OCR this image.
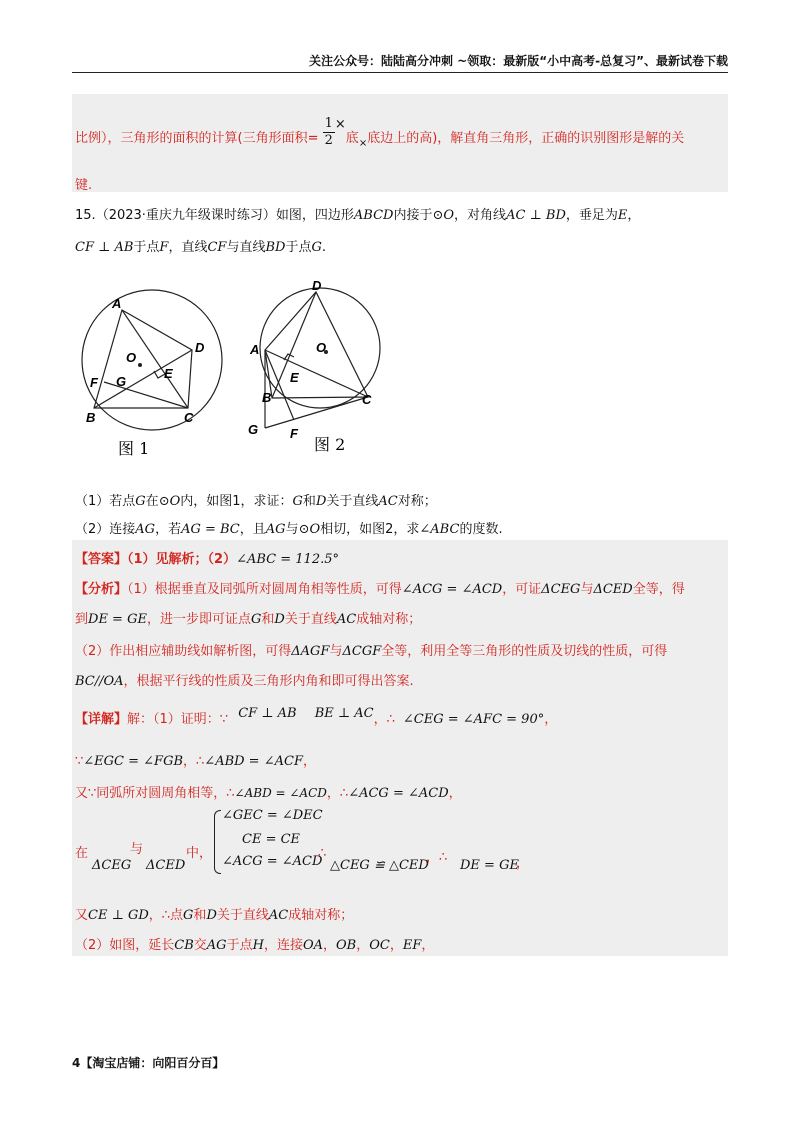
关注公众号：陆陆高分冲刺 ~领取：最新版“小中高考-总复习”、最新试卷下载
比例），三角形的面积的计算(三角形面积= $\frac{1}{2}$ ×底$_\times$底边上的高)，解直角三角形，正确的识别图形是解的关
键.
15.（2023·重庆九年级课时练习）如图，四边形ABCD内接于⊙O，对角线AC ⊥ BD，垂足为E，
CF ⊥ AB于点F，直线CF与直线BD于点G.
A
D
O
E
F G
B	C
图 1
D
A	O
E
B	C
G F
图 2
（1）若点G在⊙O内，如图1，求证：G和D关于直线AC对称；
（2）连接AG，若AG = BC，且AG与⊙O相切，如图2，求∠ABC的度数.
【答案】（1）见解析；（2）∠ABC = 112.5°
【分析】（1）根据垂直及同弧所对圆周角相等性质，可得∠ACG = ∠ACD，可证ΔCEG与ΔCED全等，得
到DE = GE，进一步即可证点G和D关于直线AC成轴对称；
（2）作出相应辅助线如解析图，可得ΔAGF与ΔCGF全等，利用全等三角形的性质及切线的性质，可得
BC//OA，根据平行线的性质及三角形内角和即可得出答案.
【详解】解：（1）证明：∵ CF ⊥ AB BE ⊥ AC，∴ ∠CEG = ∠AFC = 90°，
∵∠EGC = ∠FGB，∴∠ABD = ∠ACF，
又∵同弧所对圆周角相等，∴∠ABD = ∠ACD，∴∠ACG = ∠ACD，
在
ΔCEG
与
ΔCED
中，
∠GEC = ∠DEC
CE = CE
∠ACG = ∠ACD
∴
△CEG ≌ △CED
，∴
DE = GE
，
又CE ⊥ GD，∴点G和D关于直线AC成轴对称；
（2）如图，延长CB交AG于点H，连接OA，OB，OC，EF，
4【淘宝店铺：向阳百分百】
